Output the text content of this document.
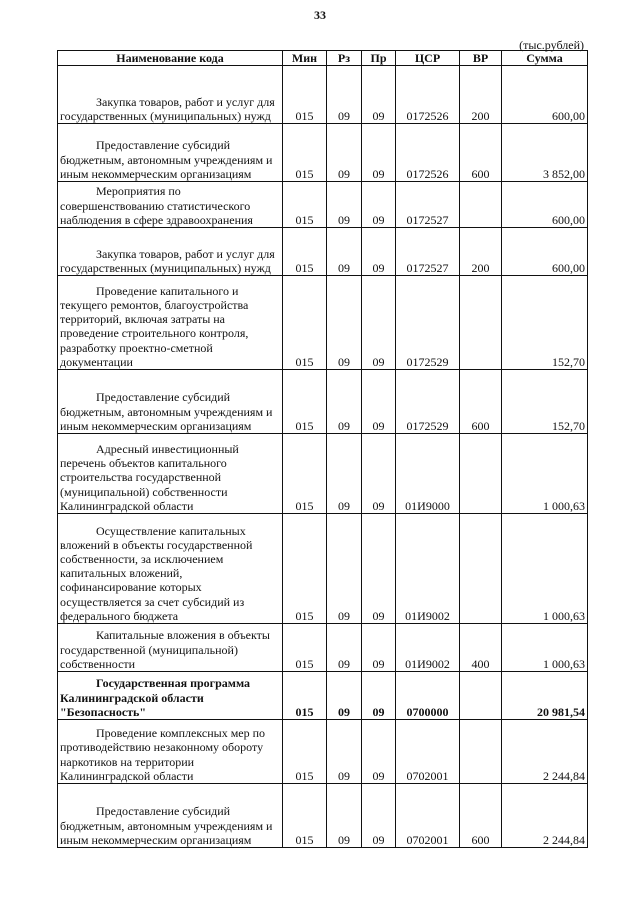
33
(тыс.рублей)
Наименование кода	Мин	Рз	Пр	ЦСР	ВР	Сумма
Закупка товаров, работ и услуг для государственных (муниципальных) нужд	015	09	09	0172526	200	600,00
Предоставление субсидий бюджетным, автономным учреждениям и иным некоммерческим организациям	015	09	09	0172526	600	3 852,00
Мероприятия по совершенствованию статистического наблюдения в сфере здравоохранения	015	09	09	0172527		600,00
Закупка товаров, работ и услуг для государственных (муниципальных) нужд	015	09	09	0172527	200	600,00
Проведение капитального и текущего ремонтов, благоустройства территорий, включая затраты на проведение строительного контроля, разработку проектно-сметной документации	015	09	09	0172529		152,70
Предоставление субсидий бюджетным, автономным учреждениям и иным некоммерческим организациям	015	09	09	0172529	600	152,70
Адресный инвестиционный перечень объектов капитального строительства государственной (муниципальной) собственности Калининградской области	015	09	09	01И9000		1 000,63
Осуществление капитальных вложений в объекты государственной собственности, за исключением капитальных вложений, софинансирование которых осуществляется за счет субсидий из федерального бюджета	015	09	09	01И9002		1 000,63
Капитальные вложения в объекты государственной (муниципальной) собственности	015	09	09	01И9002	400	1 000,63
Государственная программа Калининградской области "Безопасность"	015	09	09	0700000		20 981,54
Проведение комплексных мер по противодействию незаконному обороту наркотиков на территории Калининградской области	015	09	09	0702001		2 244,84
Предоставление субсидий бюджетным, автономным учреждениям и иным некоммерческим организациям	015	09	09	0702001	600	2 244,84
